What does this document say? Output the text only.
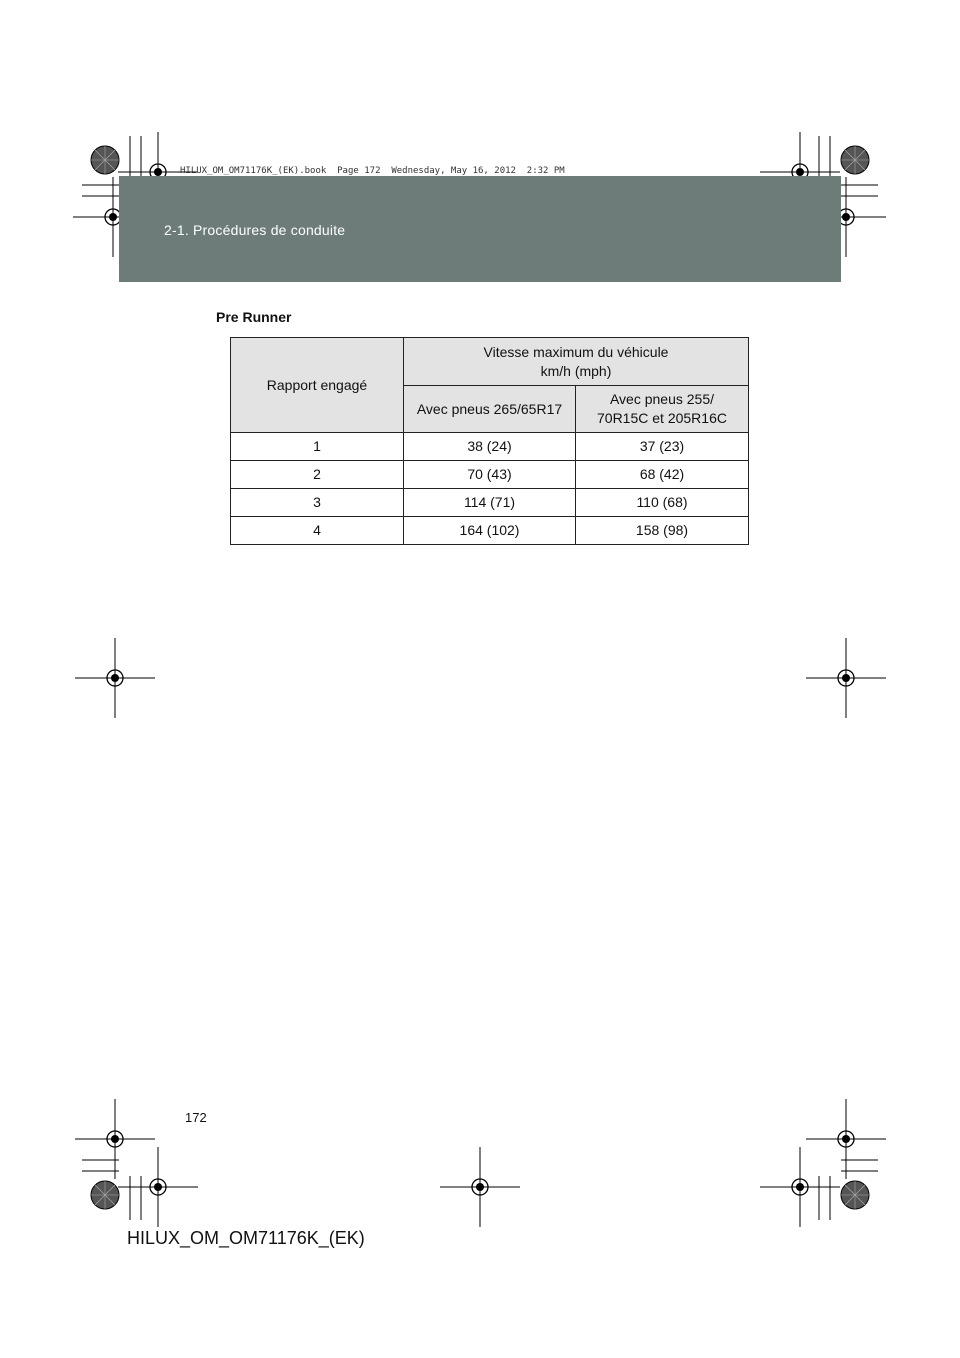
2-1. Procédures de conduite
HILUX_OM_OM71176K_(EK).book  Page 172  Wednesday, May 16, 2012  2:32 PM
Pre Runner
Rapport engagé	Vitesse maximum du véhicule
km/h (mph)	

	Avec pneus 265/65R17	Avec pneus 255/
70R15C et 205R16C

1	38 (24)	37 (23)
2	70 (43)	68 (42)
3	114 (71)	110 (68)
4	164 (102)	158 (98)
172
HILUX_OM_OM71176K_(EK)
